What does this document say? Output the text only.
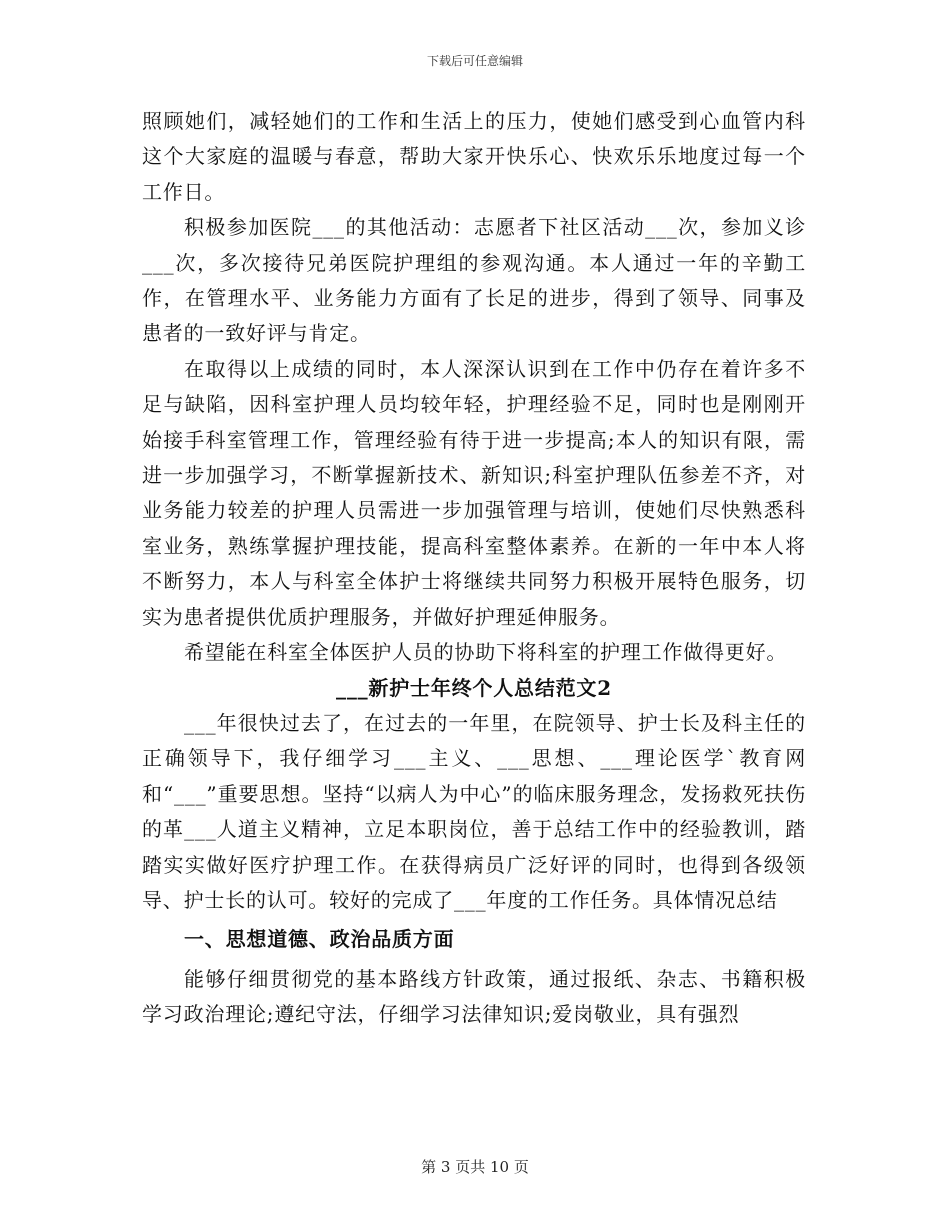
下载后可任意编辑

照顾她们，减轻她们的工作和生活上的压力，使她们感受到心血管内科这个大家庭的温暖与春意，帮助大家开快乐心、快欢乐乐地度过每一个工作日。

积极参加医院___的其他活动：志愿者下社区活动___次，参加义诊___次，多次接待兄弟医院护理组的参观沟通。本人通过一年的辛勤工作，在管理水平、业务能力方面有了长足的进步，得到了领导、同事及患者的一致好评与肯定。

在取得以上成绩的同时，本人深深认识到在工作中仍存在着许多不足与缺陷，因科室护理人员均较年轻，护理经验不足，同时也是刚刚开始接手科室管理工作，管理经验有待于进一步提高;本人的知识有限，需进一步加强学习，不断掌握新技术、新知识;科室护理队伍参差不齐，对业务能力较差的护理人员需进一步加强管理与培训，使她们尽快熟悉科室业务，熟练掌握护理技能，提高科室整体素养。在新的一年中本人将不断努力，本人与科室全体护士将继续共同努力积极开展特色服务，切实为患者提供优质护理服务，并做好护理延伸服务。

希望能在科室全体医护人员的协助下将科室的护理工作做得更好。

___新护士年终个人总结范文2

___年很快过去了，在过去的一年里，在院领导、护士长及科主任的正确领导下，我仔细学习___主义、___思想、___理论医学`教育网和“___”重要思想。坚持“以病人为中心”的临床服务理念，发扬救死扶伤的革___人道主义精神，立足本职岗位，善于总结工作中的经验教训，踏踏实实做好医疗护理工作。在获得病员广泛好评的同时，也得到各级领导、护士长的认可。较好的完成了___年度的工作任务。具体情况总结

一、思想道德、政治品质方面

能够仔细贯彻党的基本路线方针政策，通过报纸、杂志、书籍积极学习政治理论;遵纪守法，仔细学习法律知识;爱岗敬业，具有强烈

第 3 页共 10 页
